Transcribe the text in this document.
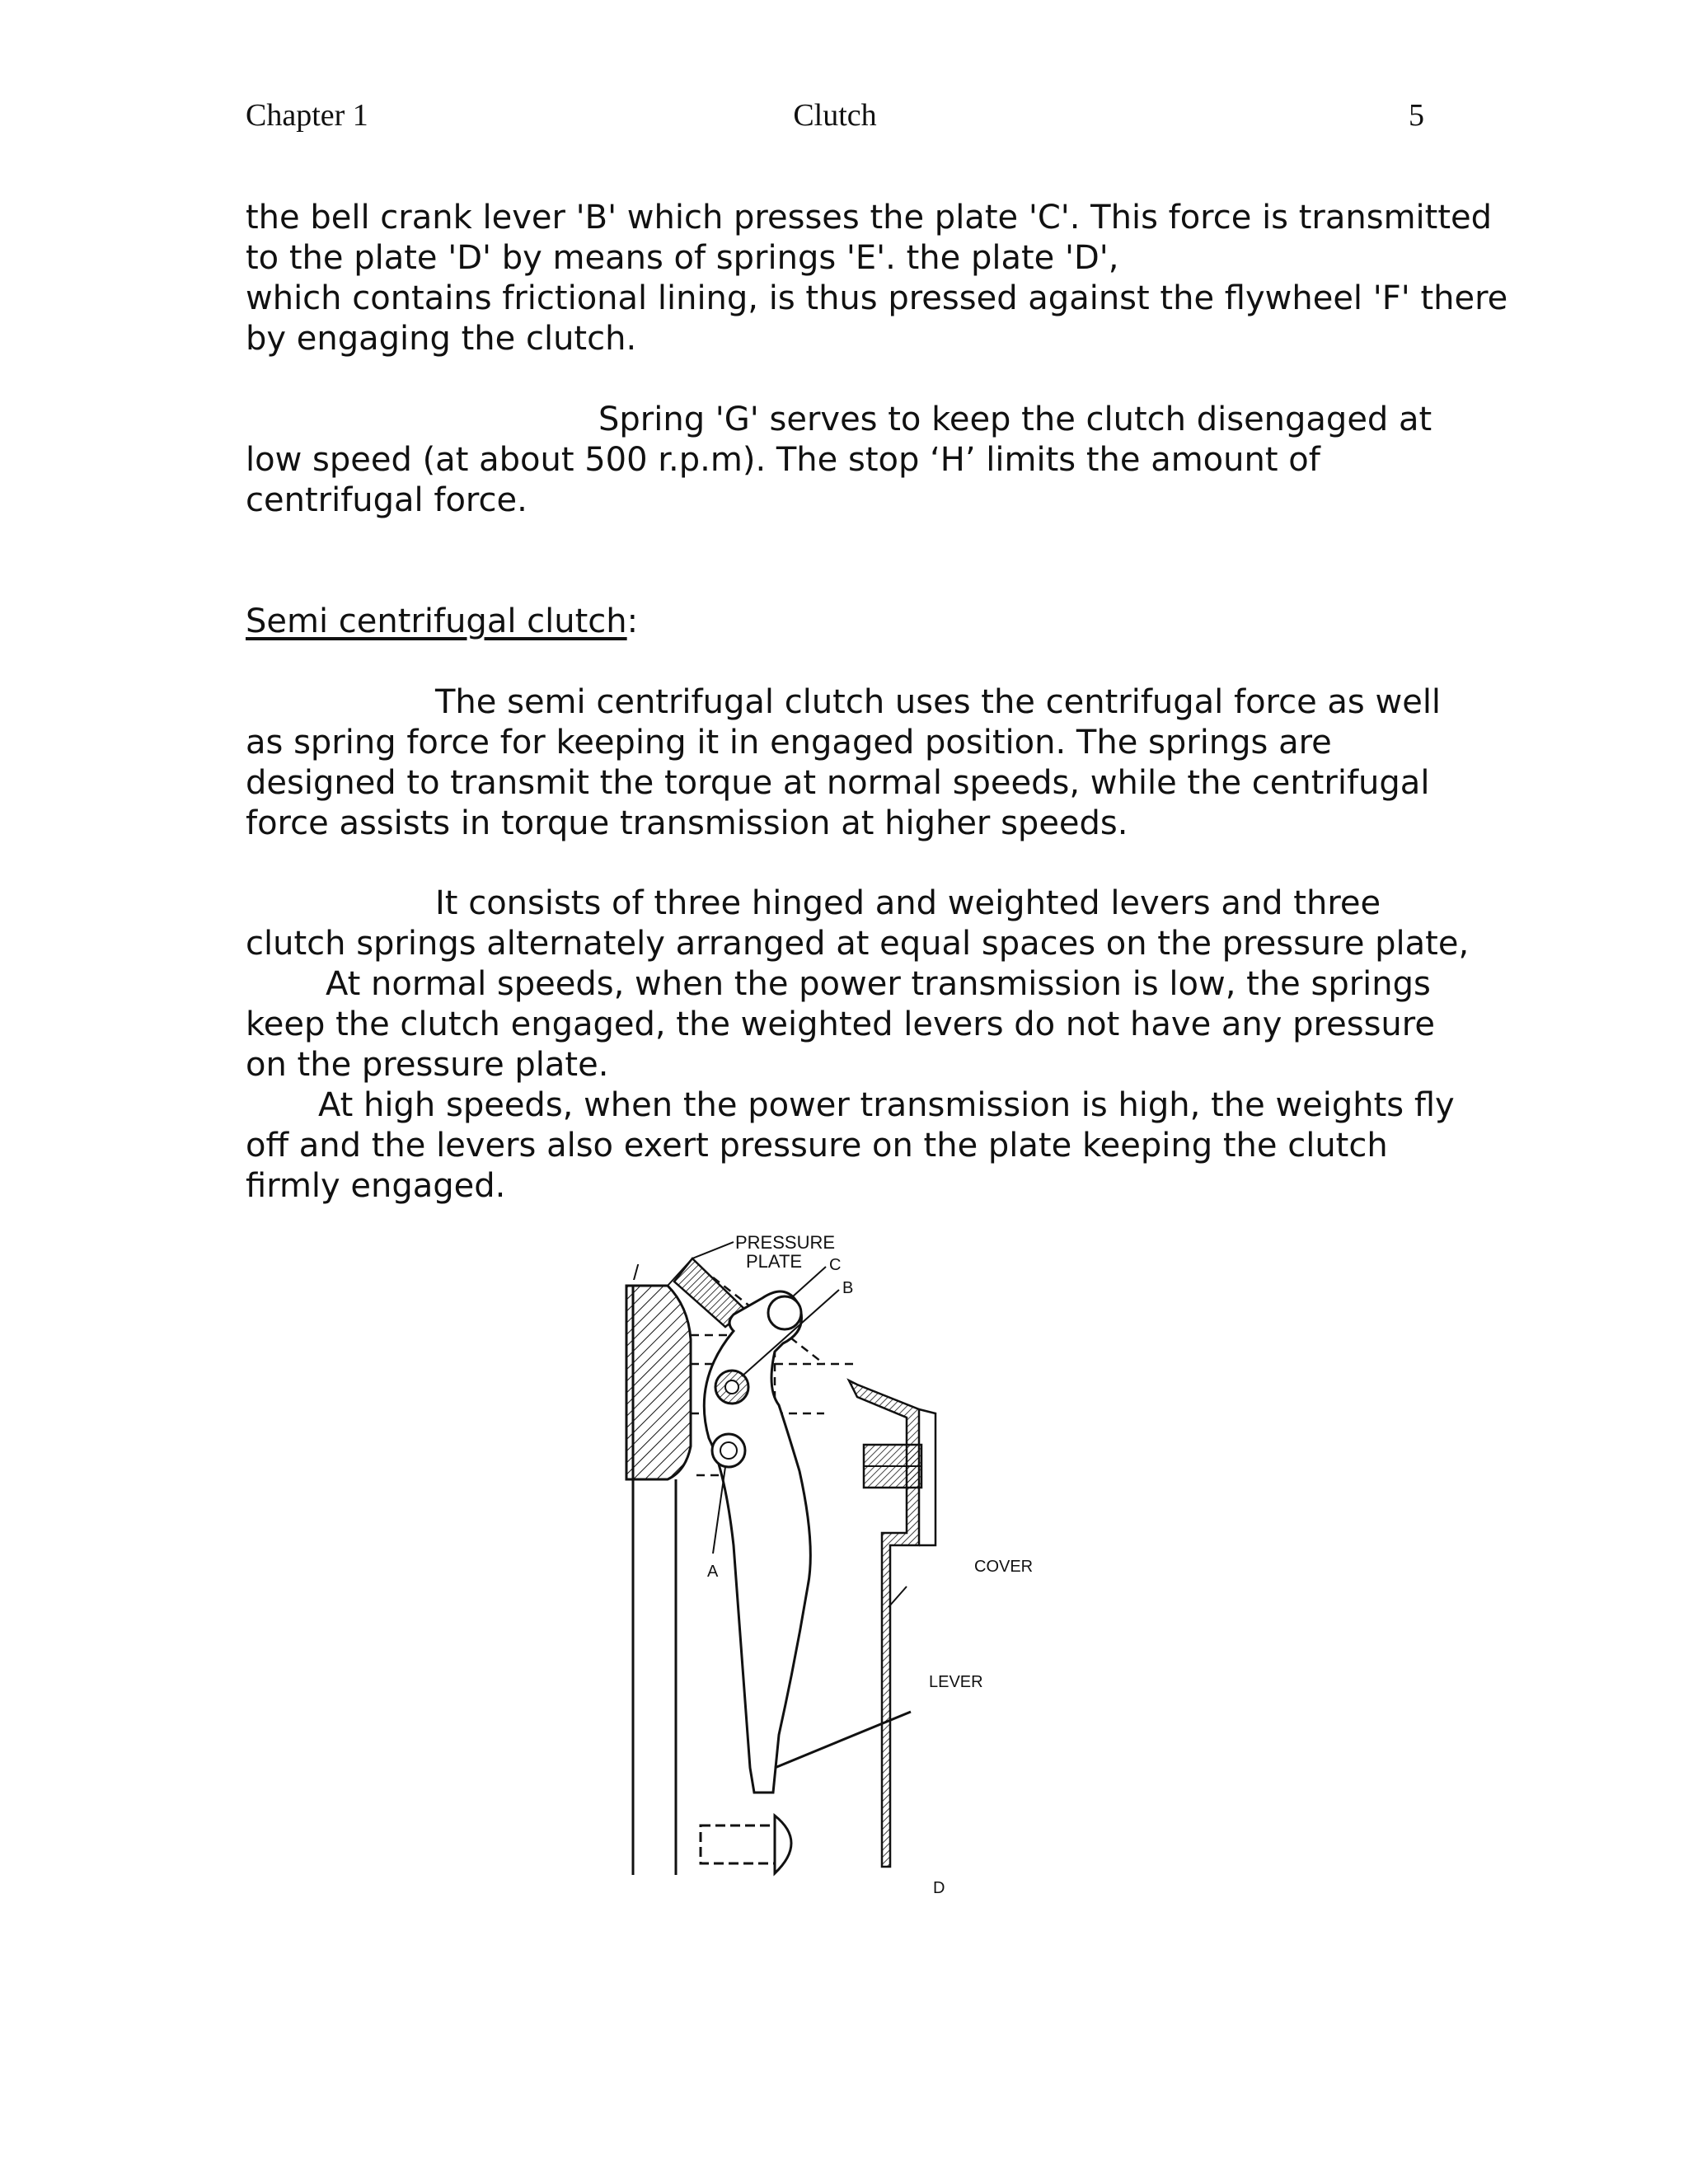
Chapter 1	Clutch	5

the bell crank lever 'B' which presses the plate 'C'. This force is transmitted

to the plate 'D' by means of springs 'E'. the plate 'D',

which contains frictional lining, is thus pressed against the flywheel 'F' there

by engaging the clutch.

Spring 'G' serves to keep the clutch disengaged at

low speed (at about 500 r.p.m). The stop ‘H’ limits the amount of

centrifugal force.

Semi centrifugal clutch:

The semi centrifugal clutch uses the centrifugal force as well

as spring force for keeping it in engaged position. The springs are

designed to transmit the torque at normal speeds, while the centrifugal

force assists in torque transmission at higher speeds.

It consists of three hinged and weighted levers and three

clutch springs alternately arranged at equal spaces on the pressure plate,

At normal speeds, when the power transmission is low, the springs

keep the clutch engaged, the weighted levers do not have any pressure

on the pressure plate.

At high speeds, when the power transmission is high, the weights fly

off and the levers also exert pressure on the plate keeping the clutch

firmly engaged.

PRESSURE
PLATE C
B
A	COVER
LEVER
/
D
